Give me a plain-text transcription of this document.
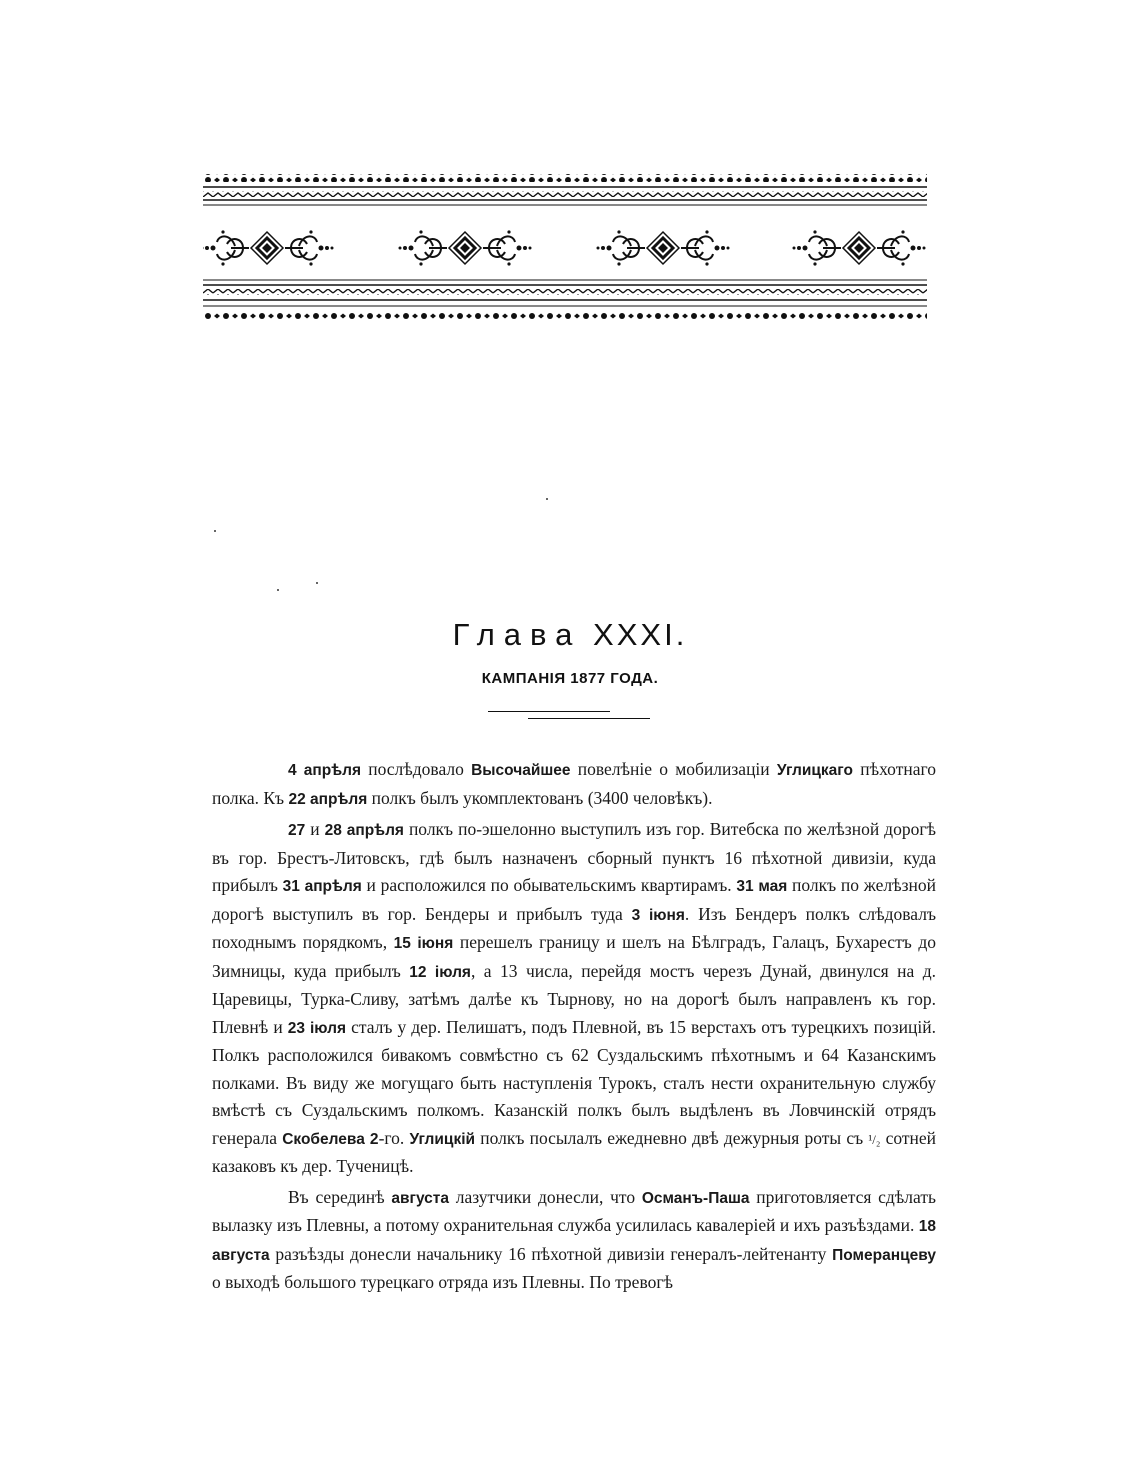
Глава XXXI.
КАМПАНІЯ 1877 ГОДА.

4 апрѣля послѣдовало Высочайшее повелѣніе о мобилизаціи Углицкаго пѣхотнаго полка. Къ 22 апрѣля полкъ былъ укомплектованъ (3400 человѣкъ).

27 и 28 апрѣля полкъ по-эшелонно выступилъ изъ гор. Витебска по желѣзной дорогѣ въ гор. Брестъ-Литовскъ, гдѣ былъ назначенъ сборный пунктъ 16 пѣхотной дивизіи, куда прибылъ 31 апрѣля и расположился по обывательскимъ квартирамъ. 31 мая полкъ по желѣзной дорогѣ выступилъ въ гор. Бендеры и прибылъ туда 3 іюня. Изъ Бендеръ полкъ слѣдовалъ походнымъ порядкомъ, 15 іюня перешелъ границу и шелъ на Бѣлградъ, Галацъ, Бухарестъ до Зимницы, куда прибылъ 12 іюля, а 13 числа, перейдя мостъ черезъ Дунай, двинулся на д. Царевицы, Турка-Сливу, затѣмъ далѣе къ Тырнову, но на дорогѣ былъ направленъ къ гор. Плевнѣ и 23 іюля сталъ у дер. Пелишатъ, подъ Плевной, въ 15 верстахъ отъ турецкихъ позицій. Полкъ расположился бивакомъ совмѣстно съ 62 Суздальскимъ пѣхотнымъ и 64 Казанскимъ полками. Въ виду же могущаго быть наступленія Турокъ, сталъ нести охранительную службу вмѣстѣ съ Суздальскимъ полкомъ. Казанскій полкъ былъ выдѣленъ въ Ловчинскій отрядъ генерала Скобелева 2-го. Углицкій полкъ посылалъ ежедневно двѣ дежурныя роты съ ¹/₂ сотней казаковъ къ дер. Тученицѣ.

Въ серединѣ августа лазутчики донесли, что Османъ-Паша приготовляется сдѣлать вылазку изъ Плевны, а потому охранительная служба усилилась кавалеріей и ихъ разъѣздами. 18 августа разъѣзды донесли начальнику 16 пѣхотной дивизіи генералъ-лейтенанту Померанцеву о выходѣ большого турецкаго отряда изъ Плевны. По тревогѣ
